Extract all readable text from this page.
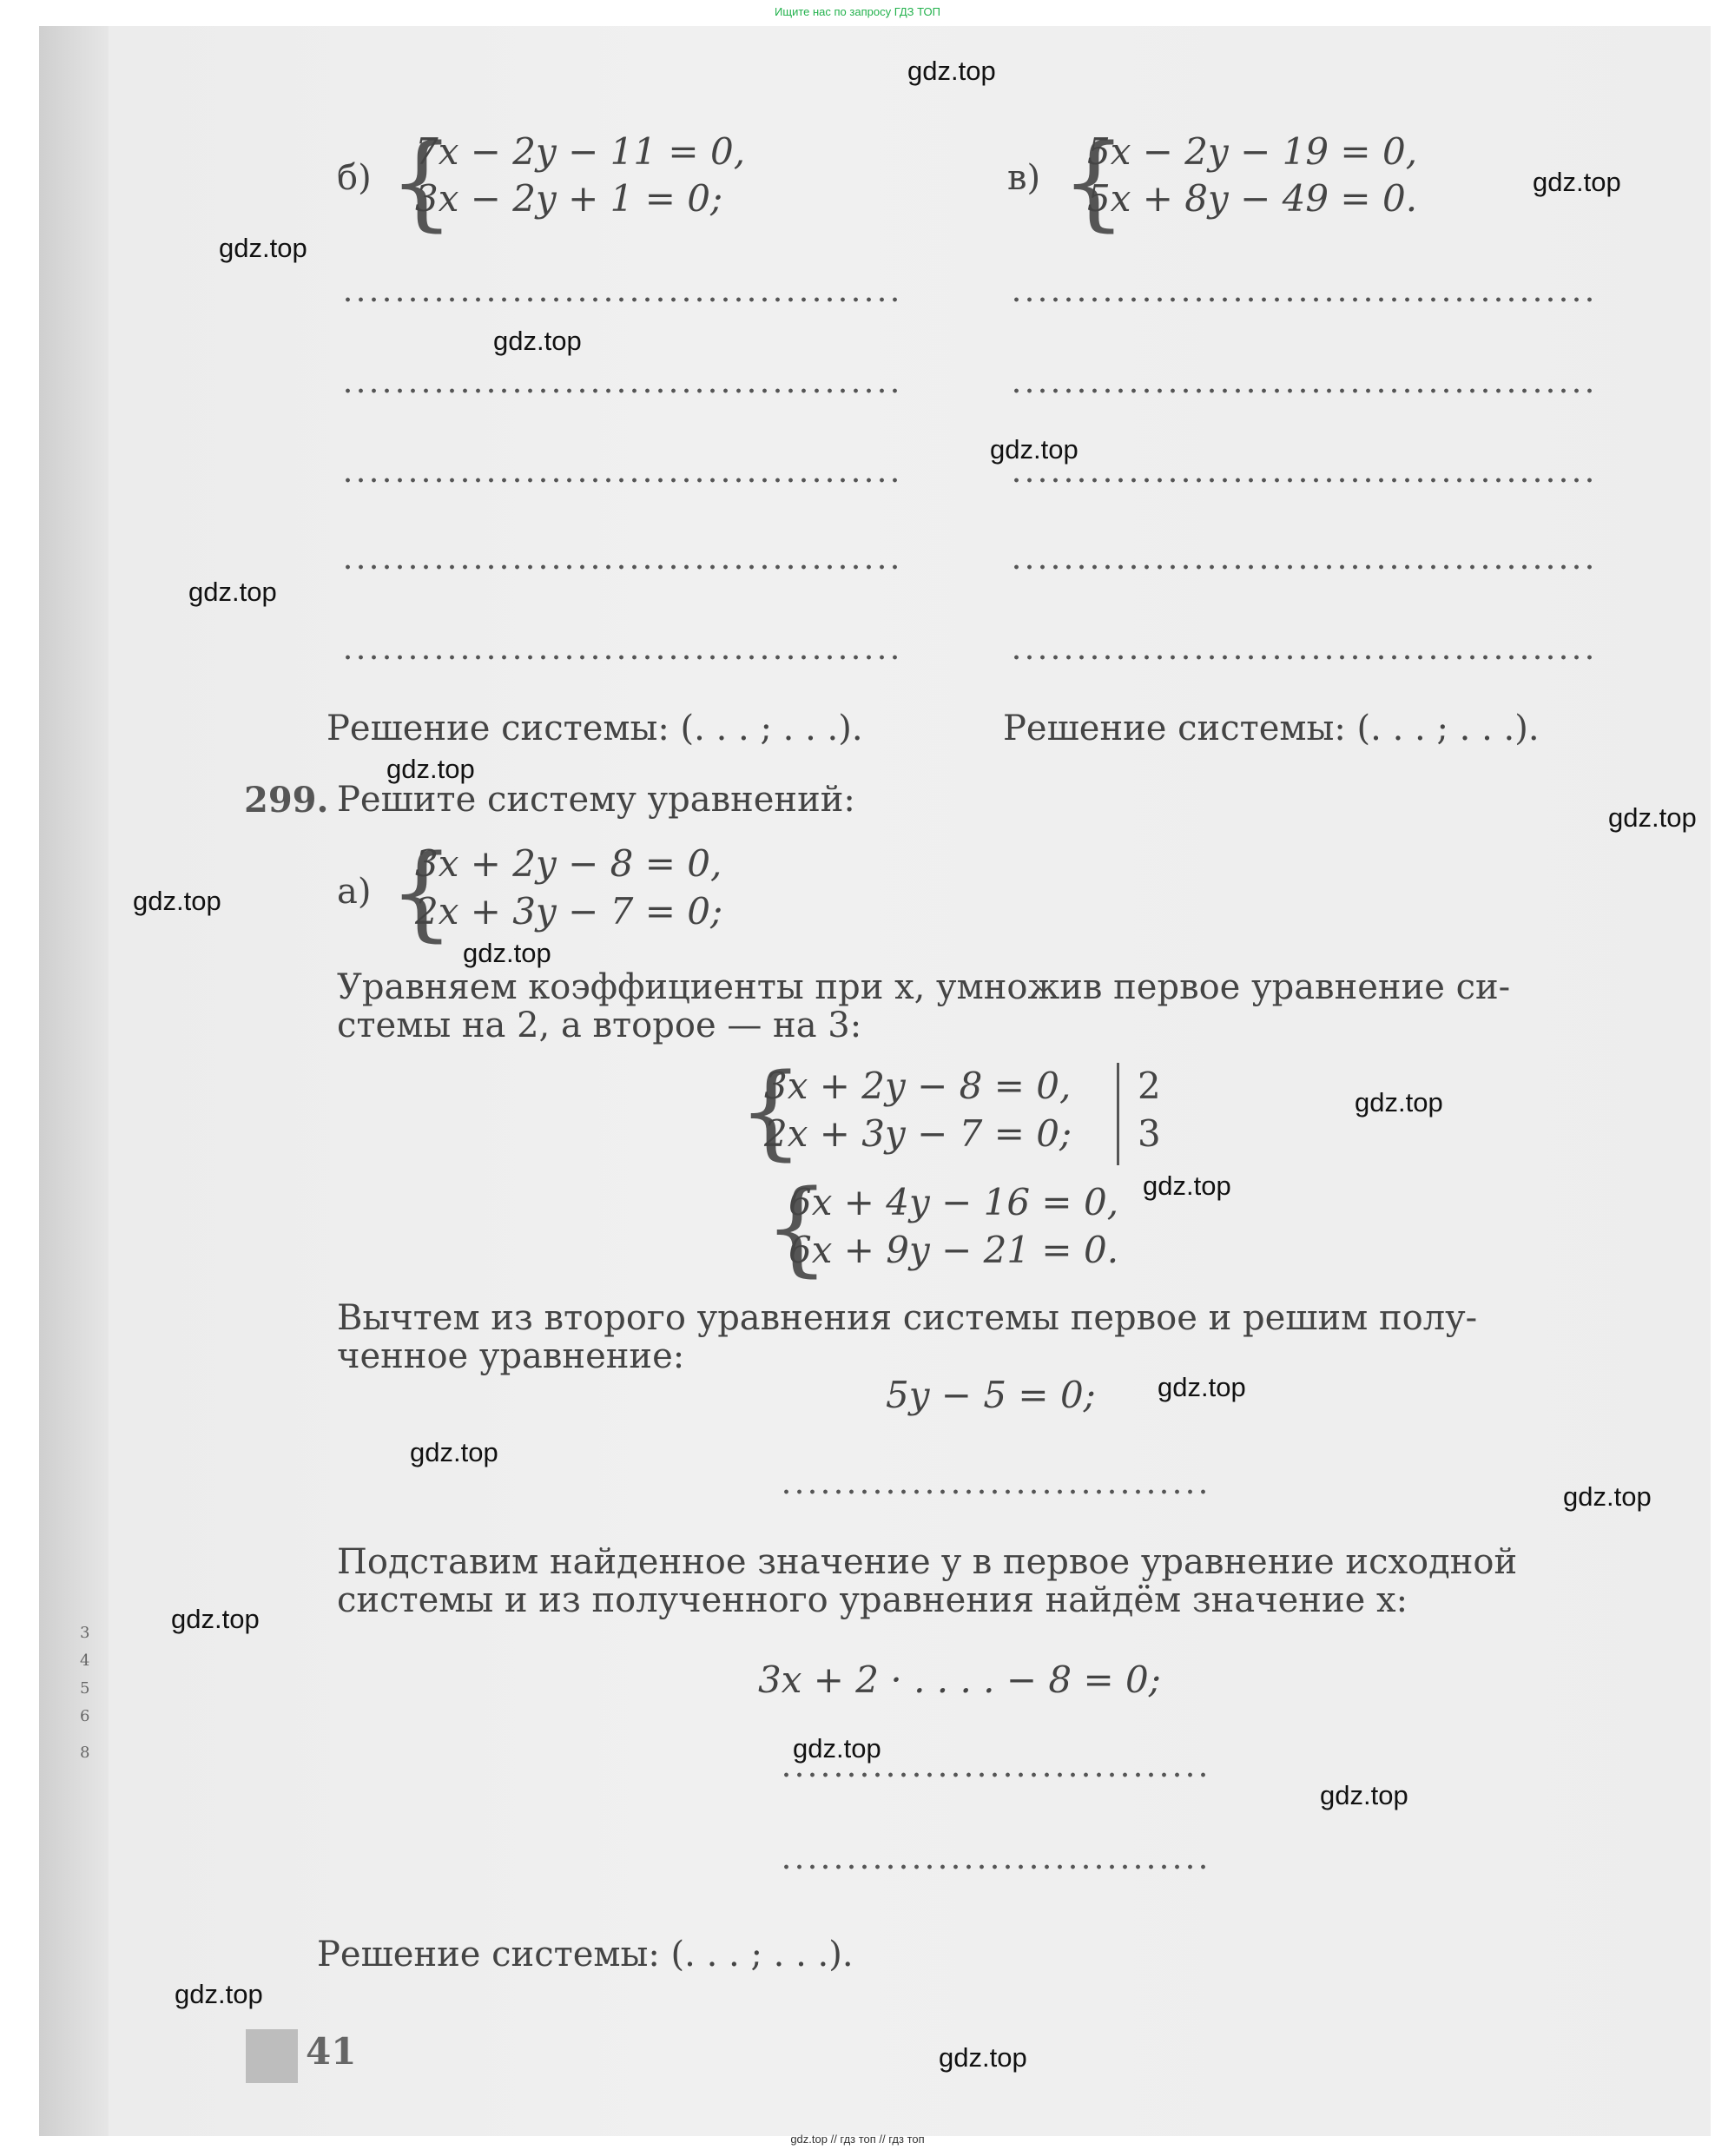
Ищите нас по запросу ГДЗ ТОП
б) {
7x − 2y − 11 = 0,
3x − 2y + 1 = 0;	в) {
5x − 2y − 19 = 0,
5x + 8y − 49 = 0.
Решение системы: (. . . ; . . .).	Решение системы: (. . . ; . . .).
299. Решите систему уравнений:
а) {
3x + 2y − 8 = 0,
2x + 3y − 7 = 0;
Уравняем коэффициенты при x, умножив первое уравнение си-
стемы на 2, а второе — на 3:
{
3x + 2y − 8 = 0,
2x + 3y − 7 = 0;
2
3
{
6x + 4y − 16 = 0,
6x + 9y − 21 = 0.
Вычтем из второго уравнения системы первое и решим полу-
ченное уравнение:
5y − 5 = 0;
Подставим найденное значение y в первое уравнение исходной
системы и из полученного уравнения найдём значение x:
3x + 2 · . . . . − 8 = 0;
Решение системы: (. . . ; . . .).
41
3
4
5
6
8
gdz.top
gdz.top
gdz.top
gdz.top
gdz.top
gdz.top
gdz.top
gdz.top
gdz.top
gdz.top
gdz.top
gdz.top
gdz.top
gdz.top
gdz.top
gdz.top
gdz.top
gdz.top
gdz.top
gdz.top
gdz.top // гдз топ // гдз топ
